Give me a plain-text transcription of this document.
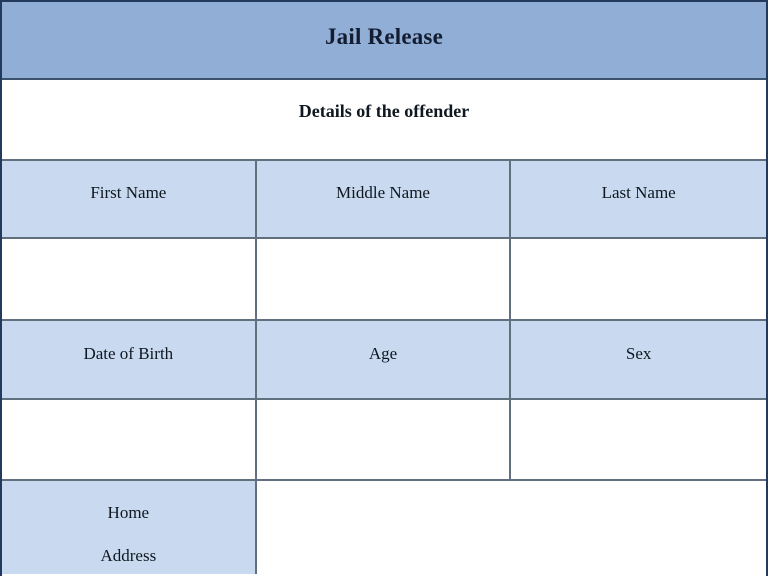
Jail Release
Details of the offender
First Name	Middle Name	Last Name
Date of Birth	Age	Sex
Home
Address
